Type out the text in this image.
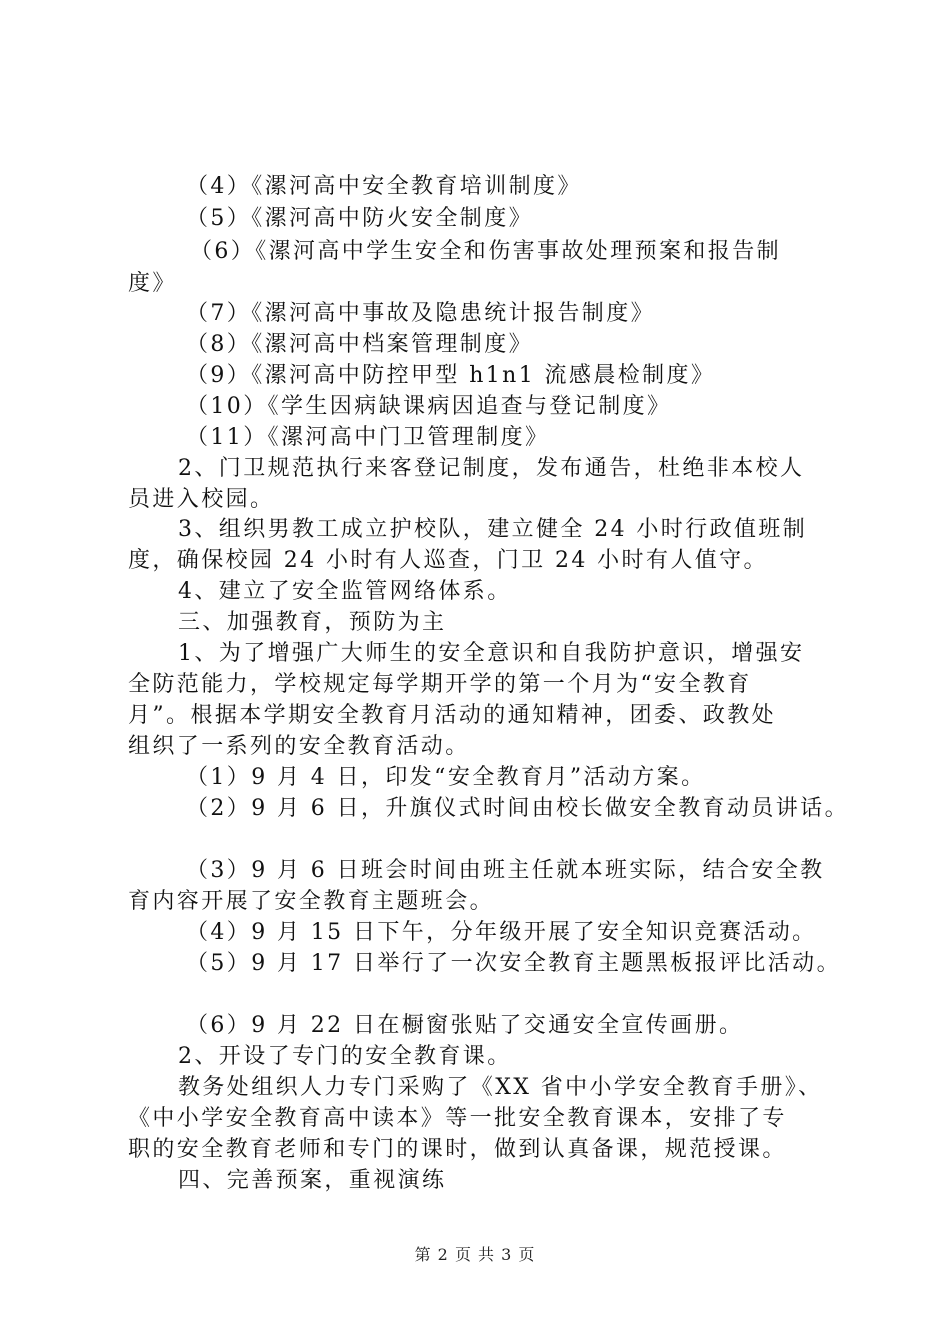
（4）《漯河高中安全教育培训制度》

（5）《漯河高中防火安全制度》

（6）《漯河高中学生安全和伤害事故处理预案和报告制

度》

（7）《漯河高中事故及隐患统计报告制度》

（8）《漯河高中档案管理制度》

（9）《漯河高中防控甲型 h1n1 流感晨检制度》

（10）《学生因病缺课病因追查与登记制度》

（11）《漯河高中门卫管理制度》

2、门卫规范执行来客登记制度，发布通告，杜绝非本校人

员进入校园。

3、组织男教工成立护校队，建立健全 24 小时行政值班制

度，确保校园 24 小时有人巡查，门卫 24 小时有人值守。

4、建立了安全监管网络体系。

三、加强教育，预防为主

1、为了增强广大师生的安全意识和自我防护意识，增强安

全防范能力，学校规定每学期开学的第一个月为“安全教育

月”。根据本学期安全教育月活动的通知精神，团委、政教处

组织了一系列的安全教育活动。

（1）9 月 4 日，印发“安全教育月”活动方案。

（2）9 月 6 日，升旗仪式时间由校长做安全教育动员讲话。

（3）9 月 6 日班会时间由班主任就本班实际，结合安全教

育内容开展了安全教育主题班会。

（4）9 月 15 日下午，分年级开展了安全知识竞赛活动。

（5）9 月 17 日举行了一次安全教育主题黑板报评比活动。

（6）9 月 22 日在橱窗张贴了交通安全宣传画册。

2、开设了专门的安全教育课。

教务处组织人力专门采购了《XX 省中小学安全教育手册》、

《中小学安全教育高中读本》等一批安全教育课本，安排了专

职的安全教育老师和专门的课时，做到认真备课，规范授课。

四、完善预案，重视演练

第 2 页 共 3 页
